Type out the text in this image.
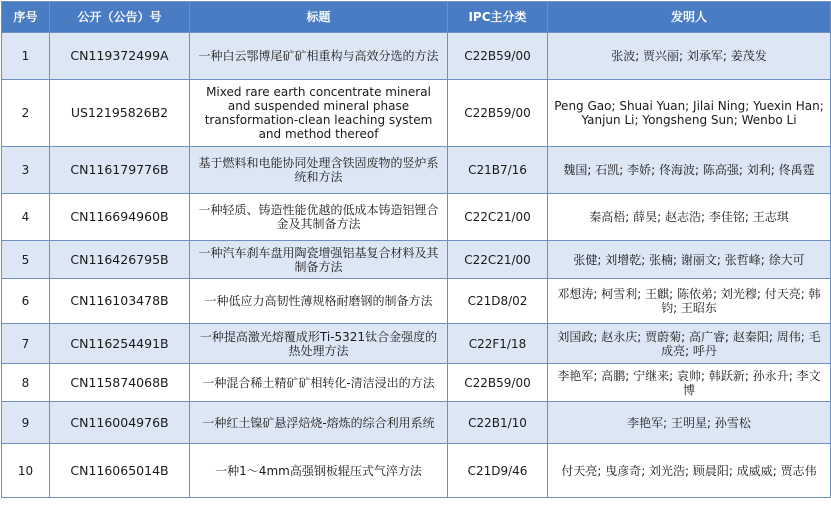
序号	公开（公告）号	标题	IPC主分类	发明人
1	CN119372499A	一种白云鄂博尾矿矿相重构与高效分选的方法	C22B59/00	张波; 贾兴丽; 刘承军; 姜茂发
2	US12195826B2	Mixed rare earth concentrate mineral and suspended mineral phase transformation-clean leaching system and method thereof	C22B59/00	Peng Gao; Shuai Yuan; Jilai Ning; Yuexin Han; Yanjun Li; Yongsheng Sun; Wenbo Li
3	CN116179776B	基于燃料和电能协同处理含铁固废物的竖炉系统和方法	C21B7/16	魏国; 石凯; 李娇; 佟海波; 陈高强; 刘利; 佟禹霆
4	CN116694960B	一种轻质、铸造性能优越的低成本铸造铝锂合金及其制备方法	C22C21/00	秦高梧; 薛昊; 赵志浩; 李佳铭; 王志琪
5	CN116426795B	一种汽车刹车盘用陶瓷增强铝基复合材料及其制备方法	C22C21/00	张健; 刘增乾; 张楠; 谢丽文; 张哲峰; 徐大可
6	CN116103478B	一种低应力高韧性薄规格耐磨钢的制备方法	C21D8/02	邓想涛; 柯雪利; 王麒; 陈依弟; 刘光穆; 付天亮; 韩钧; 王昭东
7	CN116254491B	一种提高激光熔覆成形Ti-5321钛合金强度的热处理方法	C22F1/18	刘国政; 赵永庆; 贾蔚菊; 高广睿; 赵秦阳; 周伟; 毛成亮; 呼丹
8	CN115874068B	一种混合稀土精矿矿相转化-清洁浸出的方法	C22B59/00	李艳军; 高鹏; 宁继来; 袁帅; 韩跃新; 孙永升; 李文博
9	CN116004976B	一种红土镍矿悬浮焙烧-熔炼的综合利用系统	C22B1/10	李艳军; 王明星; 孙雪松
10	CN116065014B	一种1～4mm高强钢板辊压式气淬方法	C21D9/46	付天亮; 曳彦奇; 刘光浩; 顾晨阳; 成威威; 贾志伟
